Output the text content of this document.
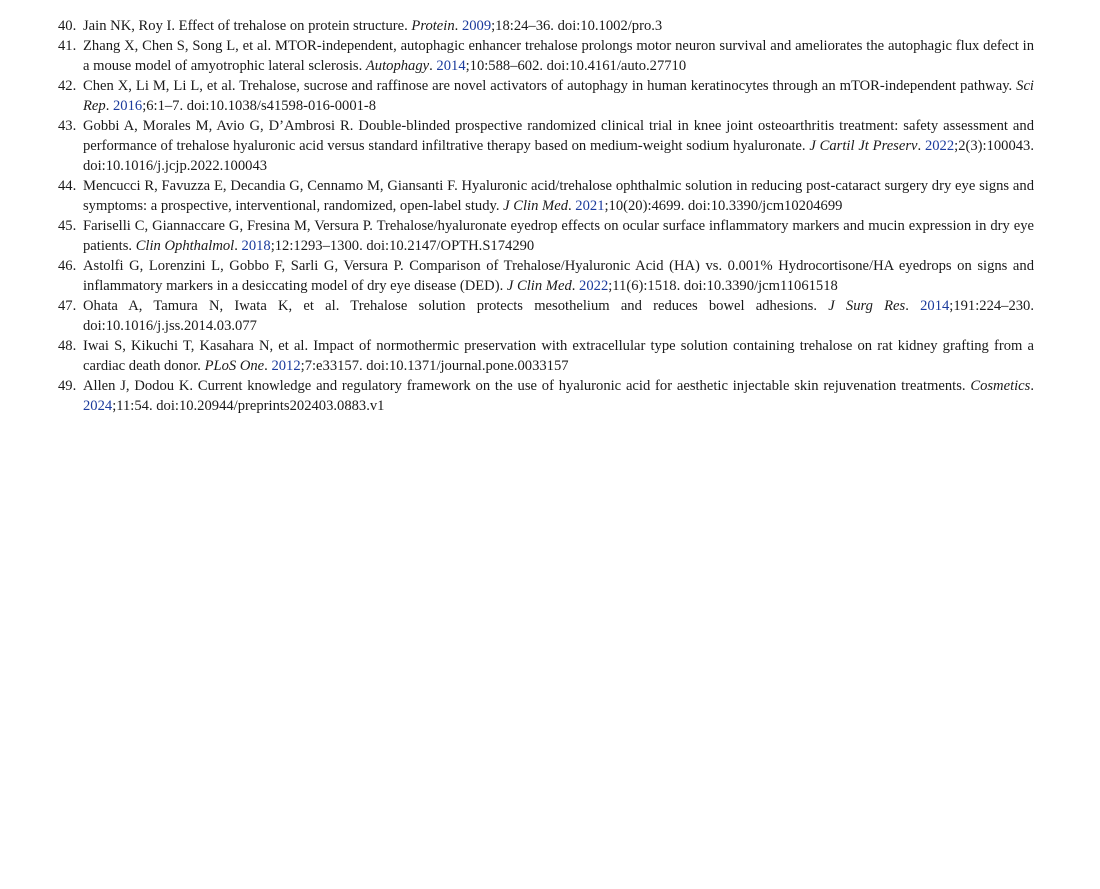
40. Jain NK, Roy I. Effect of trehalose on protein structure. Protein. 2009;18:24–36. doi:10.1002/pro.3
41. Zhang X, Chen S, Song L, et al. MTOR-independent, autophagic enhancer trehalose prolongs motor neuron survival and ameliorates the autophagic flux defect in a mouse model of amyotrophic lateral sclerosis. Autophagy. 2014;10:588–602. doi:10.4161/auto.27710
42. Chen X, Li M, Li L, et al. Trehalose, sucrose and raffinose are novel activators of autophagy in human keratinocytes through an mTOR-independent pathway. Sci Rep. 2016;6:1–7. doi:10.1038/s41598-016-0001-8
43. Gobbi A, Morales M, Avio G, D’Ambrosi R. Double-blinded prospective randomized clinical trial in knee joint osteoarthritis treatment: safety assessment and performance of trehalose hyaluronic acid versus standard infiltrative therapy based on medium-weight sodium hyaluronate. J Cartil Jt Preserv. 2022;2(3):100043. doi:10.1016/j.jcjp.2022.100043
44. Mencucci R, Favuzza E, Decandia G, Cennamo M, Giansanti F. Hyaluronic acid/trehalose ophthalmic solution in reducing post-cataract surgery dry eye signs and symptoms: a prospective, interventional, randomized, open-label study. J Clin Med. 2021;10(20):4699. doi:10.3390/jcm10204699
45. Fariselli C, Giannaccare G, Fresina M, Versura P. Trehalose/hyaluronate eyedrop effects on ocular surface inflammatory markers and mucin expression in dry eye patients. Clin Ophthalmol. 2018;12:1293–1300. doi:10.2147/OPTH.S174290
46. Astolfi G, Lorenzini L, Gobbo F, Sarli G, Versura P. Comparison of Trehalose/Hyaluronic Acid (HA) vs. 0.001% Hydrocortisone/HA eyedrops on signs and inflammatory markers in a desiccating model of dry eye disease (DED). J Clin Med. 2022;11(6):1518. doi:10.3390/jcm11061518
47. Ohata A, Tamura N, Iwata K, et al. Trehalose solution protects mesothelium and reduces bowel adhesions. J Surg Res. 2014;191:224–230. doi:10.1016/j.jss.2014.03.077
48. Iwai S, Kikuchi T, Kasahara N, et al. Impact of normothermic preservation with extracellular type solution containing trehalose on rat kidney grafting from a cardiac death donor. PLoS One. 2012;7:e33157. doi:10.1371/journal.pone.0033157
49. Allen J, Dodou K. Current knowledge and regulatory framework on the use of hyaluronic acid for aesthetic injectable skin rejuvenation treatments. Cosmetics. 2024;11:54. doi:10.20944/preprints202403.0883.v1
